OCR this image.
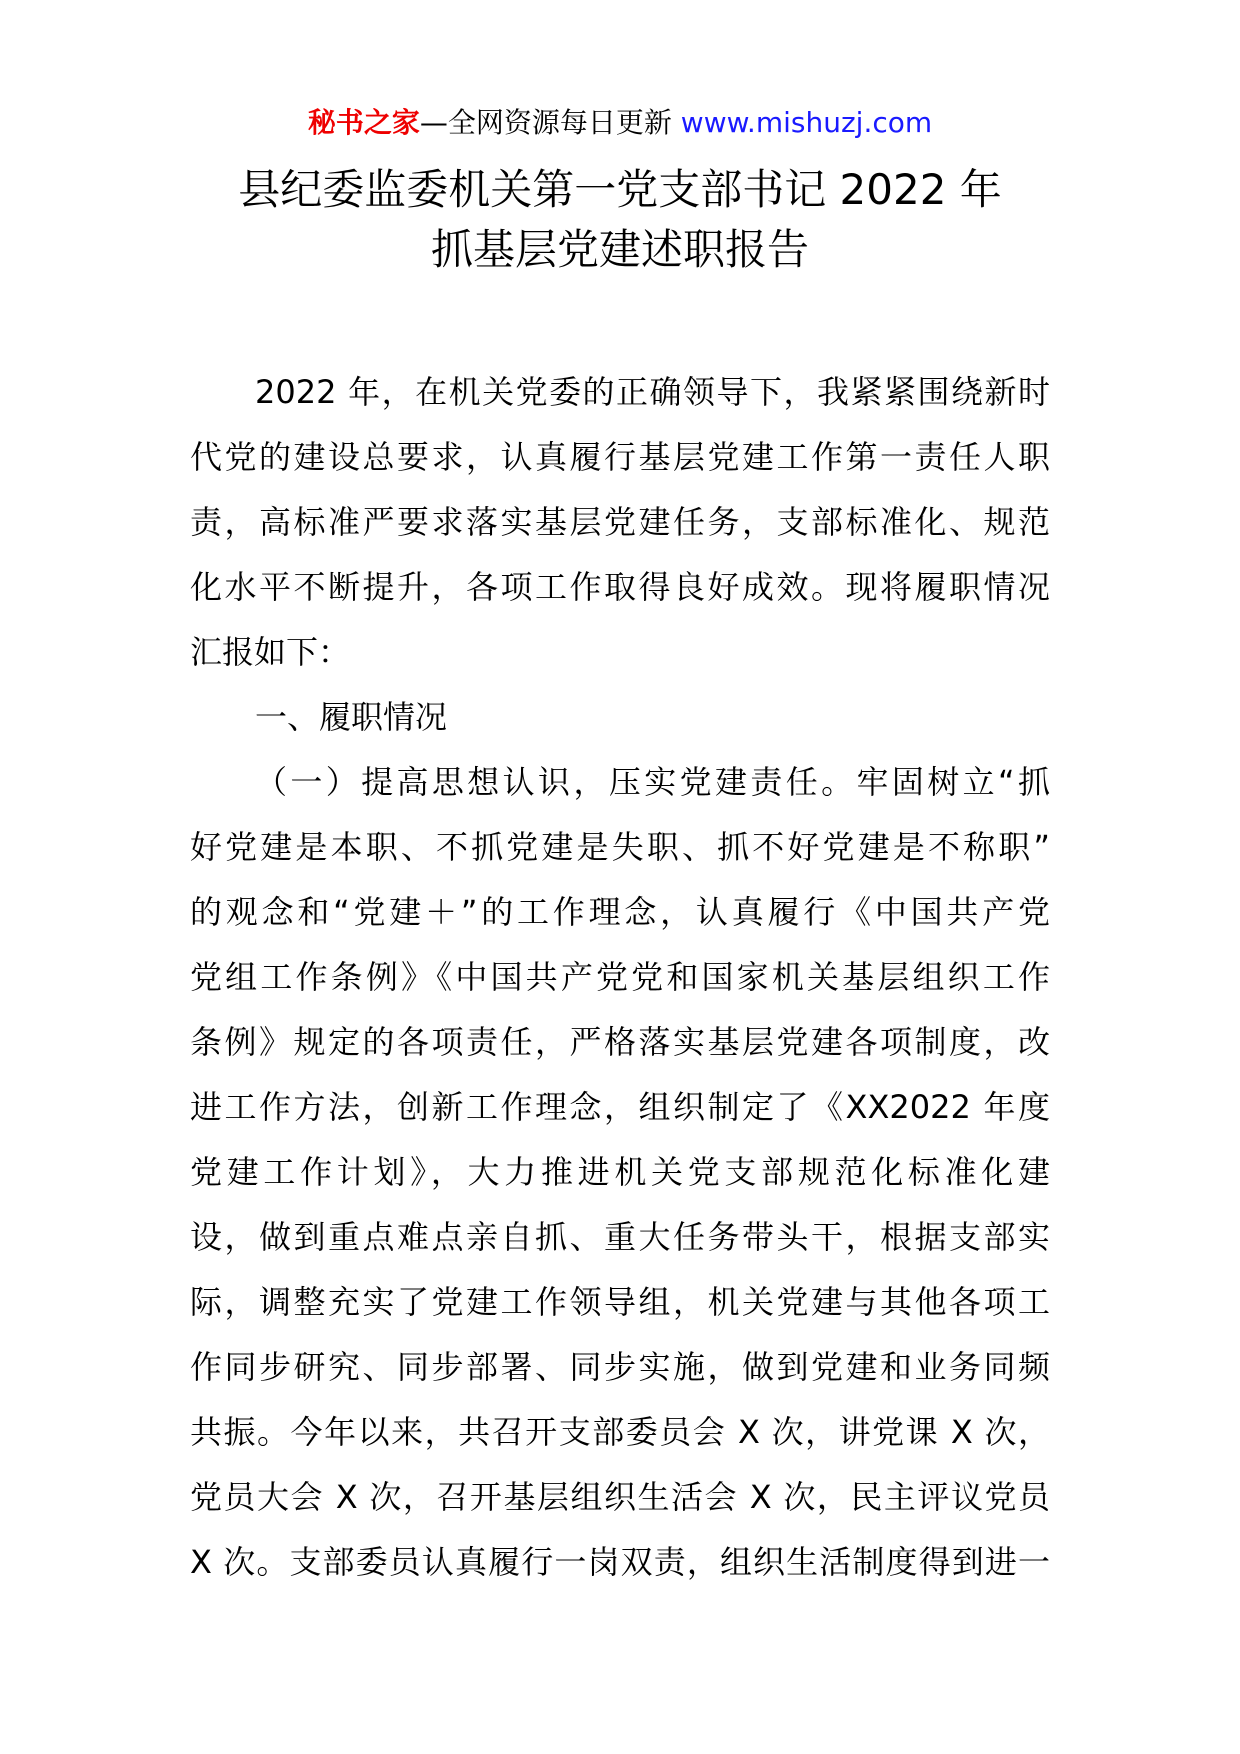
秘书之家—全网资源每日更新 www.mishuzj.com
县纪委监委机关第一党支部书记 2022 年
抓基层党建述职报告
2022 年，在机关党委的正确领导下，我紧紧围绕新时
代党的建设总要求，认真履行基层党建工作第一责任人职
责，高标准严要求落实基层党建任务，支部标准化、规范
化水平不断提升，各项工作取得良好成效。现将履职情况
汇报如下：
一、履职情况
（一）提高思想认识，压实党建责任。牢固树立“抓
好党建是本职、不抓党建是失职、抓不好党建是不称职”
的观念和“党建＋”的工作理念，认真履行《中国共产党
党组工作条例》《中国共产党党和国家机关基层组织工作
条例》规定的各项责任，严格落实基层党建各项制度，改
进工作方法，创新工作理念，组织制定了《XX2022 年度
党建工作计划》，大力推进机关党支部规范化标准化建
设，做到重点难点亲自抓、重大任务带头干，根据支部实
际，调整充实了党建工作领导组，机关党建与其他各项工
作同步研究、同步部署、同步实施，做到党建和业务同频
共振。今年以来，共召开支部委员会 X 次，讲党课 X 次，
党员大会 X 次，召开基层组织生活会 X 次，民主评议党员
X 次。支部委员认真履行一岗双责，组织生活制度得到进一
